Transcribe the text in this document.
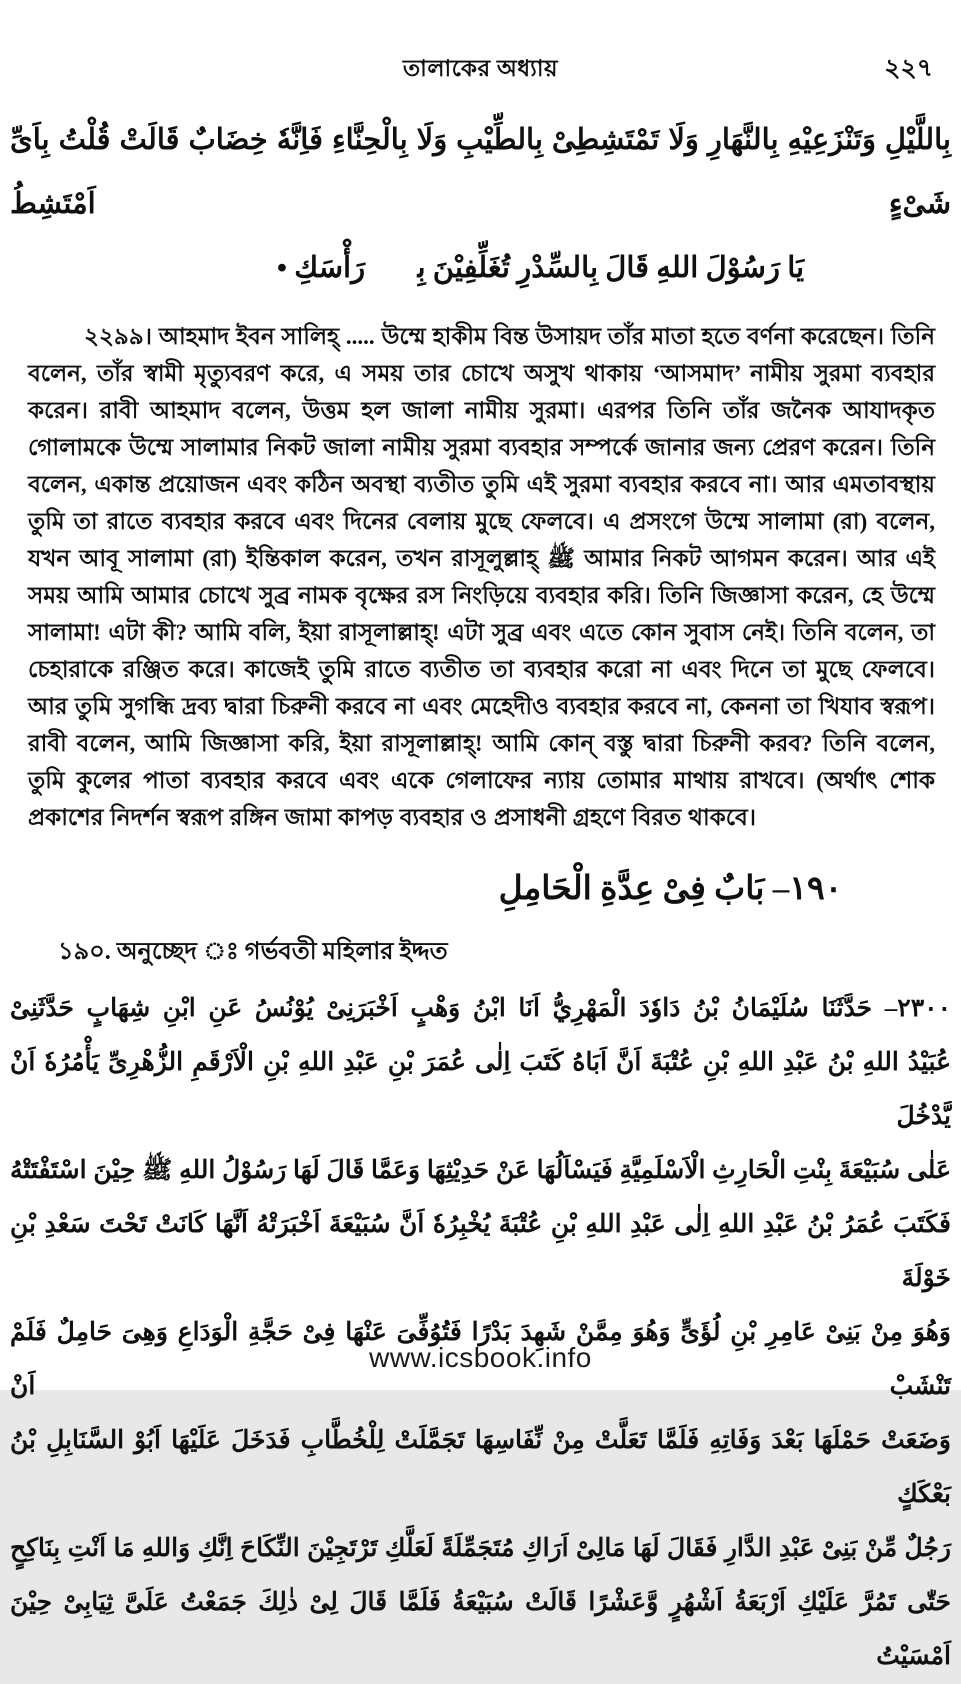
তালাকের অধ্যায়	২২৭
بِاللَّيْلِ وَتَنْزَعِيْهِ بِالنَّهَارِ وَلَا تَمْتَشِطِىْ بِالطِّيْبِ وَلَا بِالْحِنَّاءِ فَاِنَّهٗ خِضَابٌ قَالَتْ قُلْتُ بِاَىِّ شَىْءٍ اَمْتَشِطُ
يَا رَسُوْلَ اللهِ قَالَ بِالسِّدْرِ تُغَلِّفِيْنَ بِهٖ رَأْسَكِ •

২২৯৯। আহমাদ ইবন সালিহ্ ..... উম্মে হাকীম বিন্ত উসায়দ তাঁর মাতা হতে বর্ণনা করেছেন। তিনি বলেন, তাঁর স্বামী মৃত্যুবরণ করে, এ সময় তার চোখে অসুখ থাকায় ‘আসমাদ’ নামীয় সুরমা ব্যবহার করেন। রাবী আহমাদ বলেন, উত্তম হল জালা নামীয় সুরমা। এরপর তিনি তাঁর জনৈক আযাদকৃত গোলামকে উম্মে সালামার নিকট জালা নামীয় সুরমা ব্যবহার সম্পর্কে জানার জন্য প্রেরণ করেন। তিনি বলেন, একান্ত প্রয়োজন এবং কঠিন অবস্থা ব্যতীত তুমি এই সুরমা ব্যবহার করবে না। আর এমতাবস্থায় তুমি তা রাতে ব্যবহার করবে এবং দিনের বেলায় মুছে ফেলবে। এ প্রসংগে উম্মে সালামা (রা) বলেন, যখন আবূ সালামা (রা) ইন্তিকাল করেন, তখন রাসূলুল্লাহ্ ﷺ আমার নিকট আগমন করেন। আর এই সময় আমি আমার চোখে সুব্র নামক বৃক্ষের রস নিংড়িয়ে ব্যবহার করি। তিনি জিজ্ঞাসা করেন, হে উম্মে সালামা! এটা কী? আমি বলি, ইয়া রাসূলাল্লাহ্! এটা সুব্র এবং এতে কোন সুবাস নেই। তিনি বলেন, তা চেহারাকে রঞ্জিত করে। কাজেই তুমি রাতে ব্যতীত তা ব্যবহার করো না এবং দিনে তা মুছে ফেলবে। আর তুমি সুগন্ধি দ্রব্য দ্বারা চিরুনী করবে না এবং মেহেদীও ব্যবহার করবে না, কেননা তা খিযাব স্বরূপ। রাবী বলেন, আমি জিজ্ঞাসা করি, ইয়া রাসূলাল্লাহ্! আমি কোন্ বস্তু দ্বারা চিরুনী করব? তিনি বলেন, তুমি কুলের পাতা ব্যবহার করবে এবং একে গেলাফের ন্যায় তোমার মাথায় রাখবে। (অর্থাৎ শোক প্রকাশের নিদর্শন স্বরূপ রঙ্গিন জামা কাপড় ব্যবহার ও প্রসাধনী গ্রহণে বিরত থাকবে।

١٩٠– بَابٌ فِىْ عِدَّةِ الْحَامِلِ
১৯০. অনুচ্ছেদ ঃ গর্ভবতী মহিলার ইদ্দত
٢٣٠٠– حَدَّثَنَا سُلَيْمَانُ بْنُ دَاوٗدَ الْمَهْرِيُّ اَنَا ابْنُ وَهْبٍ اَخْبَرَنِىْ يُوْنُسُ عَنِ ابْنِ شِهَابٍ حَدَّثَنِىْ
عُبَيْدُ اللهِ بْنُ عَبْدِ اللهِ بْنِ عُتْبَةَ اَنَّ اَبَاهُ كَتَبَ اِلٰى عُمَرَ بْنِ عَبْدِ اللهِ بْنِ الْاَرْقَمِ الزُّهْرِىِّ يَأْمُرُهٗ اَنْ يَّدْخُلَ
عَلٰى سُبَيْعَةَ بِنْتِ الْحَارِثِ الْاَسْلَمِيَّةِ فَيَسْاَلُهَا عَنْ حَدِيْثِهَا وَعَمَّا قَالَ لَهَا رَسُوْلُ اللهِ ﷺ حِيْنَ اسْتَفْتَتْهُ
فَكَتَبَ عُمَرُ بْنُ عَبْدِ اللهِ اِلٰى عَبْدِ اللهِ بْنِ عُتْبَةَ يُخْبِرُهٗ اَنَّ سُبَيْعَةَ اَخْبَرَتْهُ اَنَّهَا كَانَتْ تَحْتَ سَعْدِ بْنِ خَوْلَةَ
وَهُوَ مِنْ بَنِىْ عَامِرِ بْنِ لُؤَىٍّ وَهُوَ مِمَّنْ شَهِدَ بَدْرًا فَتُوُفِّىَ عَنْهَا فِىْ حَجَّةِ الْوَدَاعِ وَهِىَ حَامِلٌ فَلَمْ تَنْشَبْ اَنْ
وَضَعَتْ حَمْلَهَا بَعْدَ وَفَاتِهِ فَلَمَّا تَعَلَّتْ مِنْ نِّفَاسِهَا تَجَمَّلَتْ لِلْخُطَّابِ فَدَخَلَ عَلَيْهَا اَبُوْ السَّنَابِلِ بْنُ بَعْكَكٍ
رَجُلٌ مِّنْ بَنِىْ عَبْدِ الدَّارِ فَقَالَ لَهَا مَالِىْ اَرَاكِ مُتَجَمِّلَةً لَعَلَّكِ تَرْتَجِيْنَ النِّكَاحَ اِنَّكِ وَاللهِ مَا اَنْتِ بِنَاكِحٍ
حَتّٰى تَمُرَّ عَلَيْكِ اَرْبَعَةُ اَشْهُرٍ وَّعَشْرًا قَالَتْ سُبَيْعَةُ فَلَمَّا قَالَ لِىْ ذٰلِكَ جَمَعْتُ عَلَىَّ ثِيَابِىْ حِيْنَ اَمْسَيْتُ
www.icsbook.info
